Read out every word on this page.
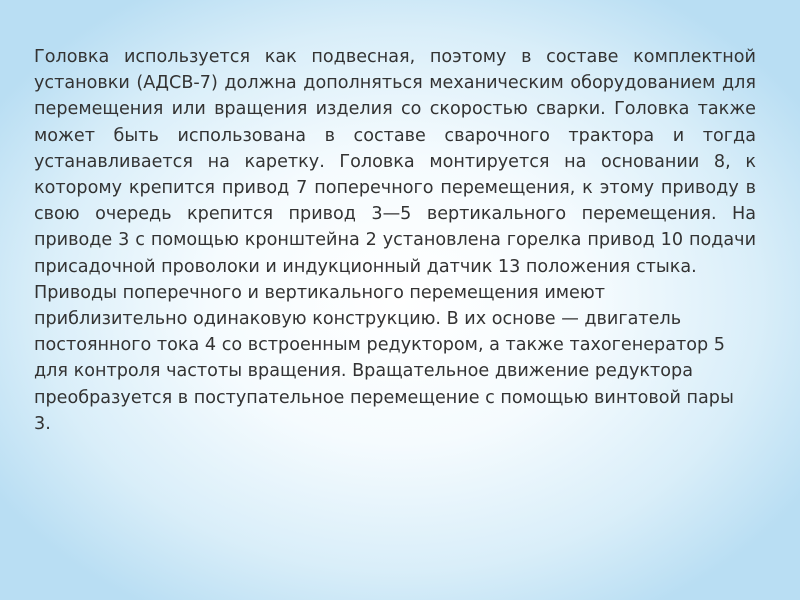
Головка используется как подвесная, поэтому в составе комплектной установки (АДСВ-7) должна дополняться механическим оборудованием для перемещения или вращения изделия со скоростью сварки. Головка также может быть использована в составе сварочного трактора и тогда устанавливается на каретку. Головка монтируется на основании 8, к которому крепится привод 7 поперечного перемещения, к этому приводу в свою очередь крепится привод 3—5 вертикального перемещения. На приводе 3 с помощью кронштейна 2 установлена горелка привод 10 подачи присадочной проволоки и индукционный датчик 13 положения стыка.

Приводы поперечного и вертикального перемещения имеют приблизительно одинаковую конструкцию. В их основе — двигатель постоянного тока 4 со встроенным редуктором, а также тахогенератор 5 для контроля частоты вращения. Вращательное движение редуктора преобразуется в поступательное перемещение с помощью винтовой пары 3.
